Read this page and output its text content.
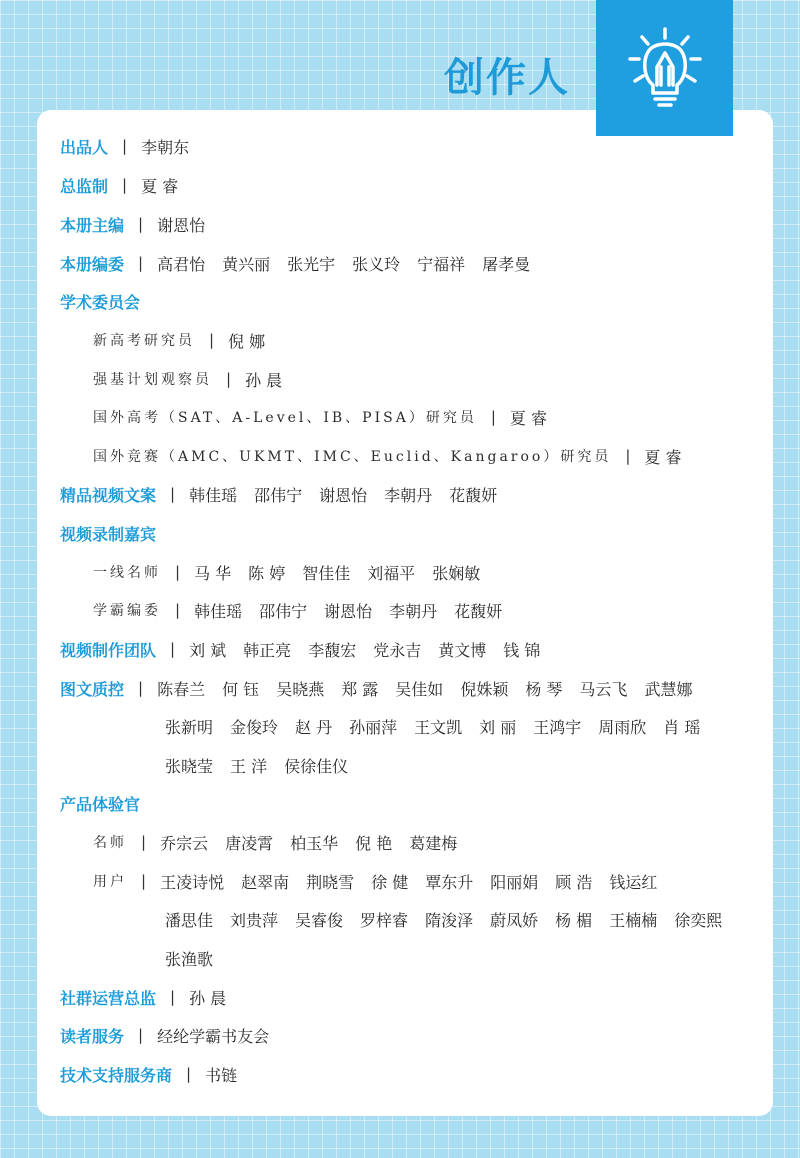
创作人
出品人 | 李朝东
总监制 | 夏 睿
本册主编 | 谢恩怡
本册编委 | 高君怡 黄兴丽 张光宇 张义玲 宁福祥 屠孝曼
学术委员会
新高考研究员 | 倪 娜
强基计划观察员 | 孙 晨
国外高考（SAT、A-Level、IB、PISA）研究员 | 夏 睿
国外竞赛（AMC、UKMT、IMC、Euclid、Kangaroo）研究员 | 夏 睿
精品视频文案 | 韩佳瑶 邵伟宁 谢恩怡 李朝丹 花馥妍
视频录制嘉宾
一线名师 | 马 华 陈 婷 智佳佳 刘福平 张娴敏
学霸编委 | 韩佳瑶 邵伟宁 谢恩怡 李朝丹 花馥妍
视频制作团队 | 刘 斌 韩正亮 李馥宏 党永吉 黄文博 钱 锦
图文质控 | 陈春兰 何 钰 吴晓燕 郑 露 吴佳如 倪姝颖 杨 琴 马云飞 武慧娜
张新明 金俊玲 赵 丹 孙丽萍 王文凯 刘 丽 王鸿宇 周雨欣 肖 瑶
张晓莹 王 洋 侯徐佳仪
产品体验官
名师 | 乔宗云 唐凌霄 柏玉华 倪 艳 葛建梅
用户 | 王凌诗悦 赵翠南 荆晓雪 徐 健 覃东升 阳丽娟 顾 浩 钱运红
潘思佳 刘贵萍 吴睿俊 罗梓睿 隋浚泽 蔚凤娇 杨 楣 王楠楠 徐奕熙
张渔歌
社群运营总监 | 孙 晨
读者服务 | 经纶学霸书友会
技术支持服务商 | 书链
